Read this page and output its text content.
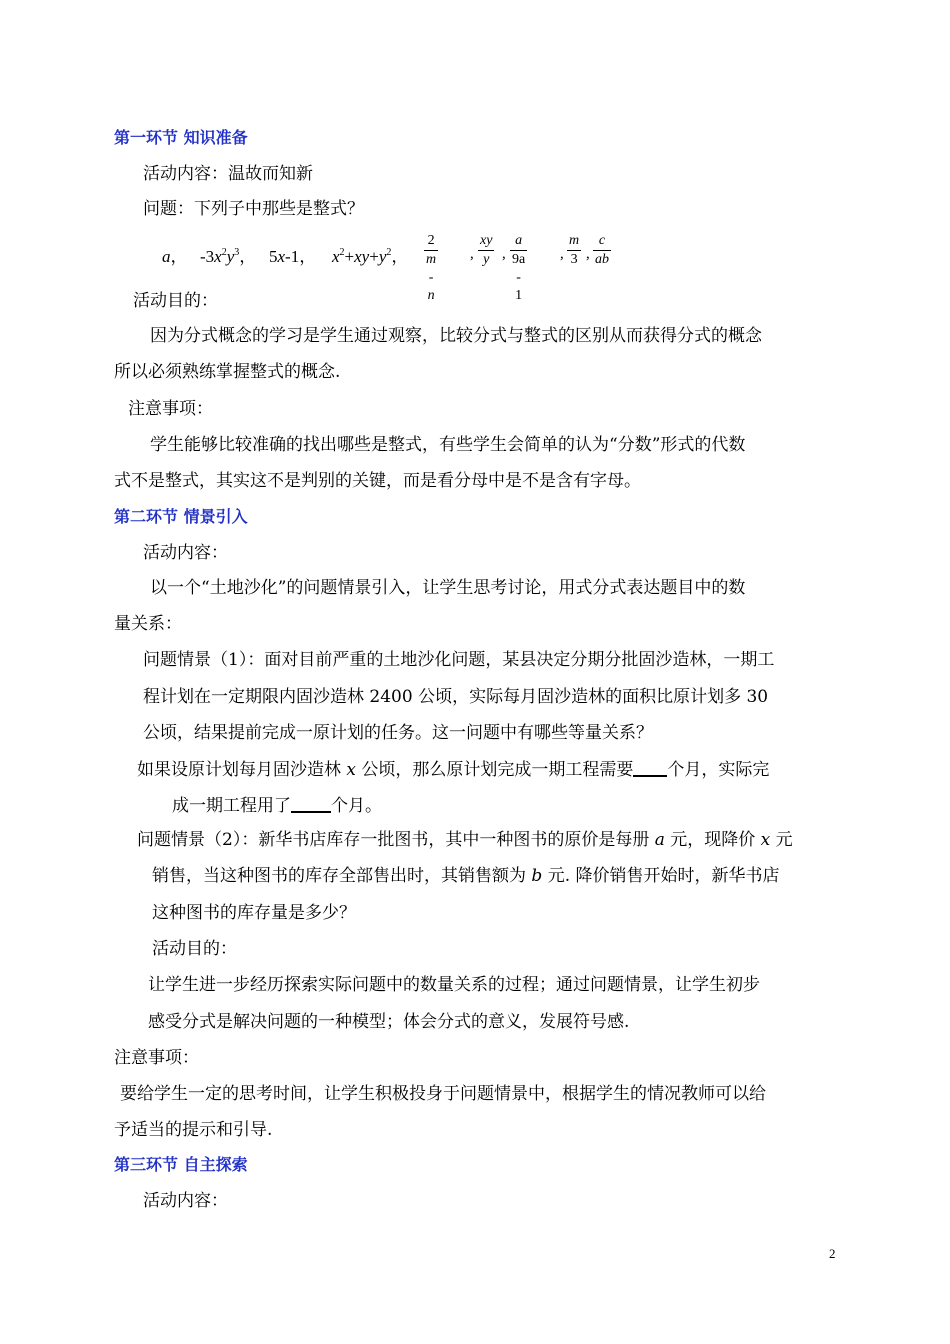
第一环节 知识准备
活动内容：温故而知新
问题：下列子中那些是整式？
a， $-3x^2y^3$， 5x-1， $x^2+xy+y^2$， $\frac{2}{m - n}$ , $\frac{xy}{y}$ , $\frac{a}{9a - 1}$ , $\frac{m}{3}$ , $\frac{c}{ab}$
活动目的：
因为分式概念的学习是学生通过观察，比较分式与整式的区别从而获得分式的概念
所以必须熟练掌握整式的概念.
注意事项：
学生能够比较准确的找出哪些是整式，有些学生会简单的认为“分数”形式的代数
式不是整式，其实这不是判别的关键，而是看分母中是不是含有字母。
第二环节 情景引入
活动内容：
以一个“土地沙化”的问题情景引入，让学生思考讨论，用式分式表达题目中的数
量关系：
问题情景（1）：面对目前严重的土地沙化问题，某县决定分期分批固沙造林，一期工
程计划在一定期限内固沙造林 2400 公顷，实际每月固沙造林的面积比原计划多 30
公顷，结果提前完成一原计划的任务。这一问题中有哪些等量关系？
如果设原计划每月固沙造林 x 公顷，那么原计划完成一期工程需要 个月，实际完
成一期工程用了 个月。
问题情景（2）：新华书店库存一批图书，其中一种图书的原价是每册 a 元，现降价 x 元
销售，当这种图书的库存全部售出时，其销售额为 b 元. 降价销售开始时，新华书店
这种图书的库存量是多少？
活动目的：
让学生进一步经历探索实际问题中的数量关系的过程；通过问题情景，让学生初步
感受分式是解决问题的一种模型；体会分式的意义，发展符号感.
注意事项：
要给学生一定的思考时间，让学生积极投身于问题情景中，根据学生的情况教师可以给
予适当的提示和引导.
第三环节 自主探索
活动内容：
2
